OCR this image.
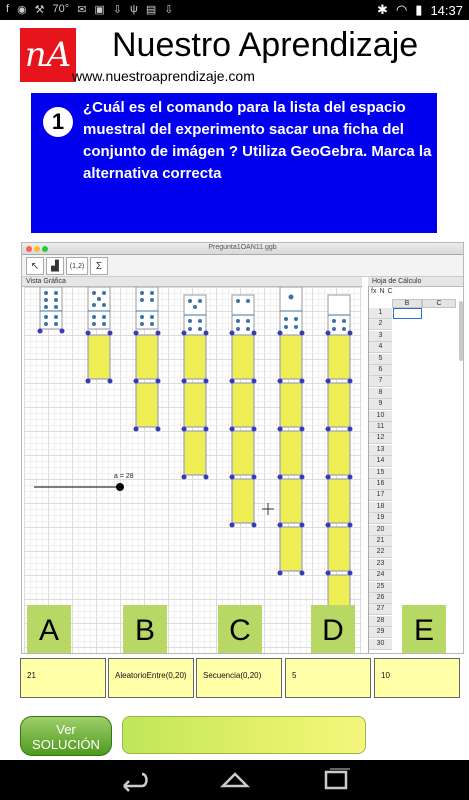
f ◉ ⚒ 70° ✉ ▣ ⇩ ψ ▤ ⇩	✱ ◠ ▮ 14:37
nA Nuestro Aprendizaje
www.nuestroaprendizaje.com
1
¿Cuál es el comando para la lista del espacio muestral del experimento sacar una ficha del conjunto de imágen ? Utiliza GeoGebra. Marca la alternativa correcta
Pregunta1OAN11.ggb
↖	▟	(1,2)	Σ
Vista Gráfica	Hoja de Cálculo
a = 28
fx N C
B	C
1
2
3
4
5
6
7
8
9
10
11
12
13
14
15
16
17
18
19
20
21
22
23
24
25
26
27
28
29
30
A	B	C	D	E
21	AleatorioEntre(0,20)	Secuencia(0,20)	5	10
Ver
SOLUCIÓN
